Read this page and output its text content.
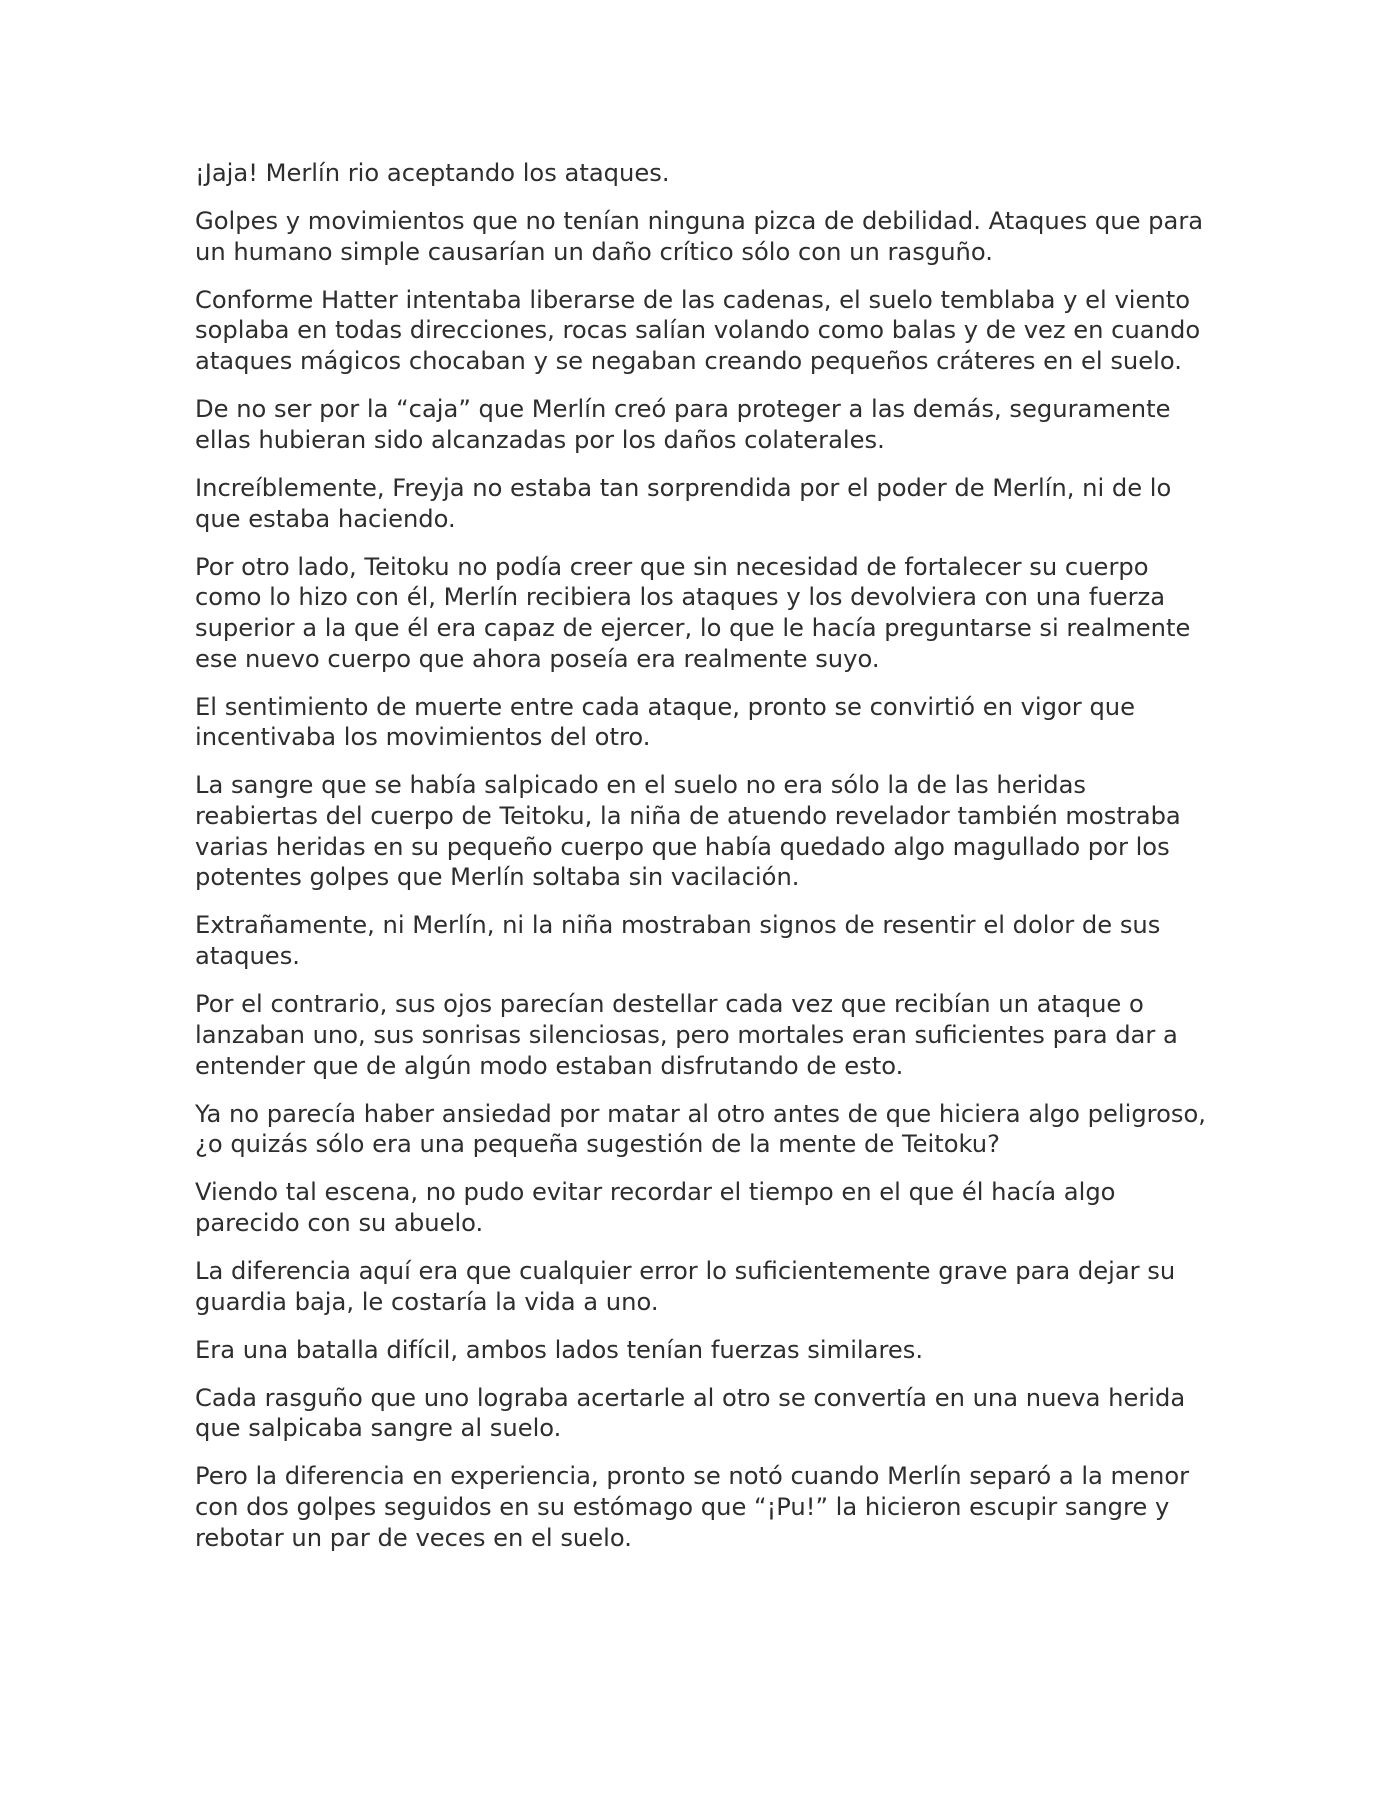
¡Jaja! Merlín rio aceptando los ataques.

Golpes y movimientos que no tenían ninguna pizca de debilidad. Ataques que para un humano simple causarían un daño crítico sólo con un rasguño.

Conforme Hatter intentaba liberarse de las cadenas, el suelo temblaba y el viento soplaba en todas direcciones, rocas salían volando como balas y de vez en cuando ataques mágicos chocaban y se negaban creando pequeños cráteres en el suelo.

De no ser por la “caja” que Merlín creó para proteger a las demás, seguramente ellas hubieran sido alcanzadas por los daños colaterales.

Increíblemente, Freyja no estaba tan sorprendida por el poder de Merlín, ni de lo que estaba haciendo.

Por otro lado, Teitoku no podía creer que sin necesidad de fortalecer su cuerpo como lo hizo con él, Merlín recibiera los ataques y los devolviera con una fuerza superior a la que él era capaz de ejercer, lo que le hacía preguntarse si realmente ese nuevo cuerpo que ahora poseía era realmente suyo.

El sentimiento de muerte entre cada ataque, pronto se convirtió en vigor que incentivaba los movimientos del otro.

La sangre que se había salpicado en el suelo no era sólo la de las heridas reabiertas del cuerpo de Teitoku, la niña de atuendo revelador también mostraba varias heridas en su pequeño cuerpo que había quedado algo magullado por los potentes golpes que Merlín soltaba sin vacilación.

Extrañamente, ni Merlín, ni la niña mostraban signos de resentir el dolor de sus ataques.

Por el contrario, sus ojos parecían destellar cada vez que recibían un ataque o lanzaban uno, sus sonrisas silenciosas, pero mortales eran suficientes para dar a entender que de algún modo estaban disfrutando de esto.

Ya no parecía haber ansiedad por matar al otro antes de que hiciera algo peligroso, ¿o quizás sólo era una pequeña sugestión de la mente de Teitoku?

Viendo tal escena, no pudo evitar recordar el tiempo en el que él hacía algo parecido con su abuelo.

La diferencia aquí era que cualquier error lo suficientemente grave para dejar su guardia baja, le costaría la vida a uno.

Era una batalla difícil, ambos lados tenían fuerzas similares.

Cada rasguño que uno lograba acertarle al otro se convertía en una nueva herida que salpicaba sangre al suelo.

Pero la diferencia en experiencia, pronto se notó cuando Merlín separó a la menor con dos golpes seguidos en su estómago que “¡Pu!” la hicieron escupir sangre y rebotar un par de veces en el suelo.
